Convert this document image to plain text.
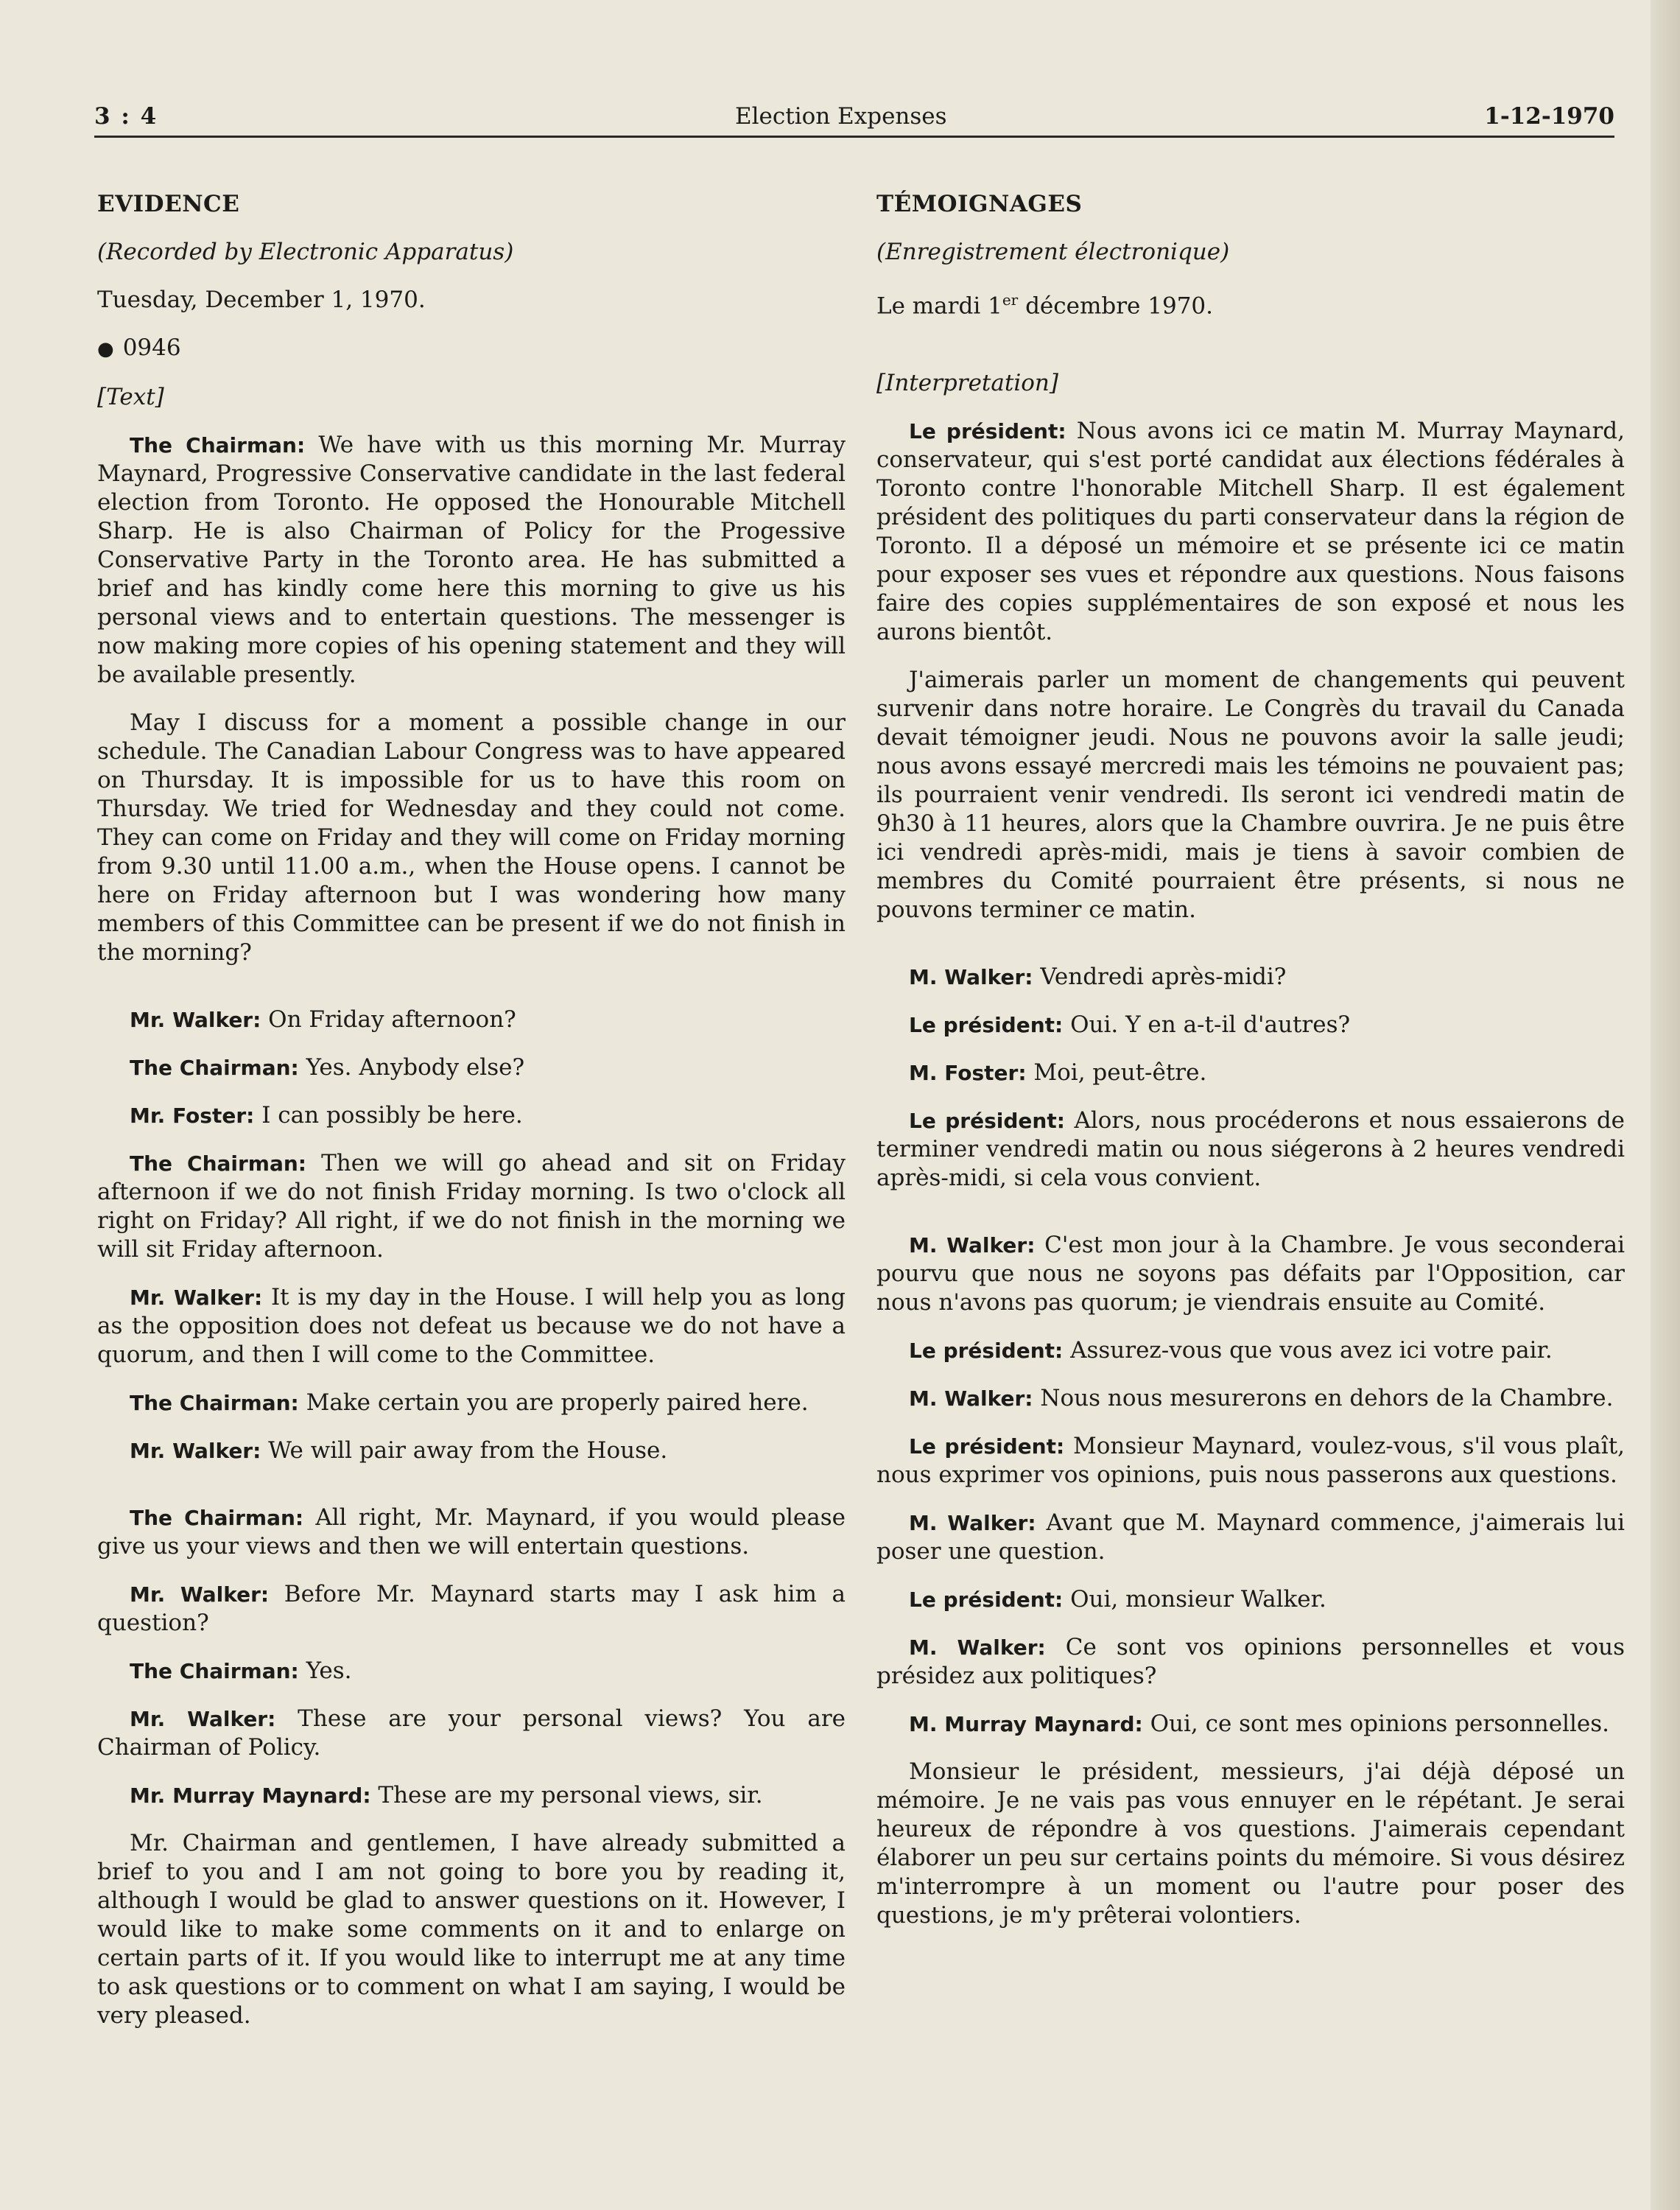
3 : 4	Election Expenses	1-12-1970

EVIDENCE

(Recorded by Electronic Apparatus)

Tuesday, December 1, 1970.

● 0946

[Text]

The Chairman: We have with us this morning Mr. Murray Maynard, Progressive Conservative candidate in the last federal election from Toronto. He opposed the Honourable Mitchell Sharp. He is also Chairman of Policy for the Progessive Conservative Party in the Toronto area. He has submitted a brief and has kindly come here this morning to give us his personal views and to entertain questions. The messenger is now making more copies of his opening statement and they will be available presently.

May I discuss for a moment a possible change in our schedule. The Canadian Labour Congress was to have appeared on Thursday. It is impossible for us to have this room on Thursday. We tried for Wednesday and they could not come. They can come on Friday and they will come on Friday morning from 9.30 until 11.00 a.m., when the House opens. I cannot be here on Friday afternoon but I was wondering how many members of this Committee can be present if we do not finish in the morning?

Mr. Walker: On Friday afternoon?

The Chairman: Yes. Anybody else?

Mr. Foster: I can possibly be here.

The Chairman: Then we will go ahead and sit on Friday afternoon if we do not finish Friday morning. Is two o'clock all right on Friday? All right, if we do not finish in the morning we will sit Friday afternoon.

Mr. Walker: It is my day in the House. I will help you as long as the opposition does not defeat us because we do not have a quorum, and then I will come to the Committee.

The Chairman: Make certain you are properly paired here.

Mr. Walker: We will pair away from the House.

The Chairman: All right, Mr. Maynard, if you would please give us your views and then we will entertain questions.

Mr. Walker: Before Mr. Maynard starts may I ask him a question?

The Chairman: Yes.

Mr. Walker: These are your personal views? You are Chairman of Policy.

Mr. Murray Maynard: These are my personal views, sir.

Mr. Chairman and gentlemen, I have already submitted a brief to you and I am not going to bore you by reading it, although I would be glad to answer questions on it. However, I would like to make some comments on it and to enlarge on certain parts of it. If you would like to interrupt me at any time to ask questions or to comment on what I am saying, I would be very pleased.

TÉMOIGNAGES

(Enregistrement électronique)

Le mardi 1er décembre 1970.

[Interpretation]

Le président: Nous avons ici ce matin M. Murray Maynard, conservateur, qui s'est porté candidat aux élections fédérales à Toronto contre l'honorable Mitchell Sharp. Il est également président des politiques du parti conservateur dans la région de Toronto. Il a déposé un mémoire et se présente ici ce matin pour exposer ses vues et répondre aux questions. Nous faisons faire des copies supplémentaires de son exposé et nous les aurons bientôt.

J'aimerais parler un moment de changements qui peuvent survenir dans notre horaire. Le Congrès du travail du Canada devait témoigner jeudi. Nous ne pouvons avoir la salle jeudi; nous avons essayé mercredi mais les témoins ne pouvaient pas; ils pourraient venir vendredi. Ils seront ici vendredi matin de 9h30 à 11 heures, alors que la Chambre ouvrira. Je ne puis être ici vendredi après-midi, mais je tiens à savoir combien de membres du Comité pourraient être présents, si nous ne pouvons terminer ce matin.

M. Walker: Vendredi après-midi?

Le président: Oui. Y en a-t-il d'autres?

M. Foster: Moi, peut-être.

Le président: Alors, nous procéderons et nous essaierons de terminer vendredi matin ou nous siégerons à 2 heures vendredi après-midi, si cela vous convient.

M. Walker: C'est mon jour à la Chambre. Je vous seconderai pourvu que nous ne soyons pas défaits par l'Opposition, car nous n'avons pas quorum; je viendrais ensuite au Comité.

Le président: Assurez-vous que vous avez ici votre pair.

M. Walker: Nous nous mesurerons en dehors de la Chambre.

Le président: Monsieur Maynard, voulez-vous, s'il vous plaît, nous exprimer vos opinions, puis nous passerons aux questions.

M. Walker: Avant que M. Maynard commence, j'aimerais lui poser une question.

Le président: Oui, monsieur Walker.

M. Walker: Ce sont vos opinions personnelles et vous présidez aux politiques?

M. Murray Maynard: Oui, ce sont mes opinions personnelles.

Monsieur le président, messieurs, j'ai déjà déposé un mémoire. Je ne vais pas vous ennuyer en le répétant. Je serai heureux de répondre à vos questions. J'aimerais cependant élaborer un peu sur certains points du mémoire. Si vous désirez m'interrompre à un moment ou l'autre pour poser des questions, je m'y prêterai volontiers.
